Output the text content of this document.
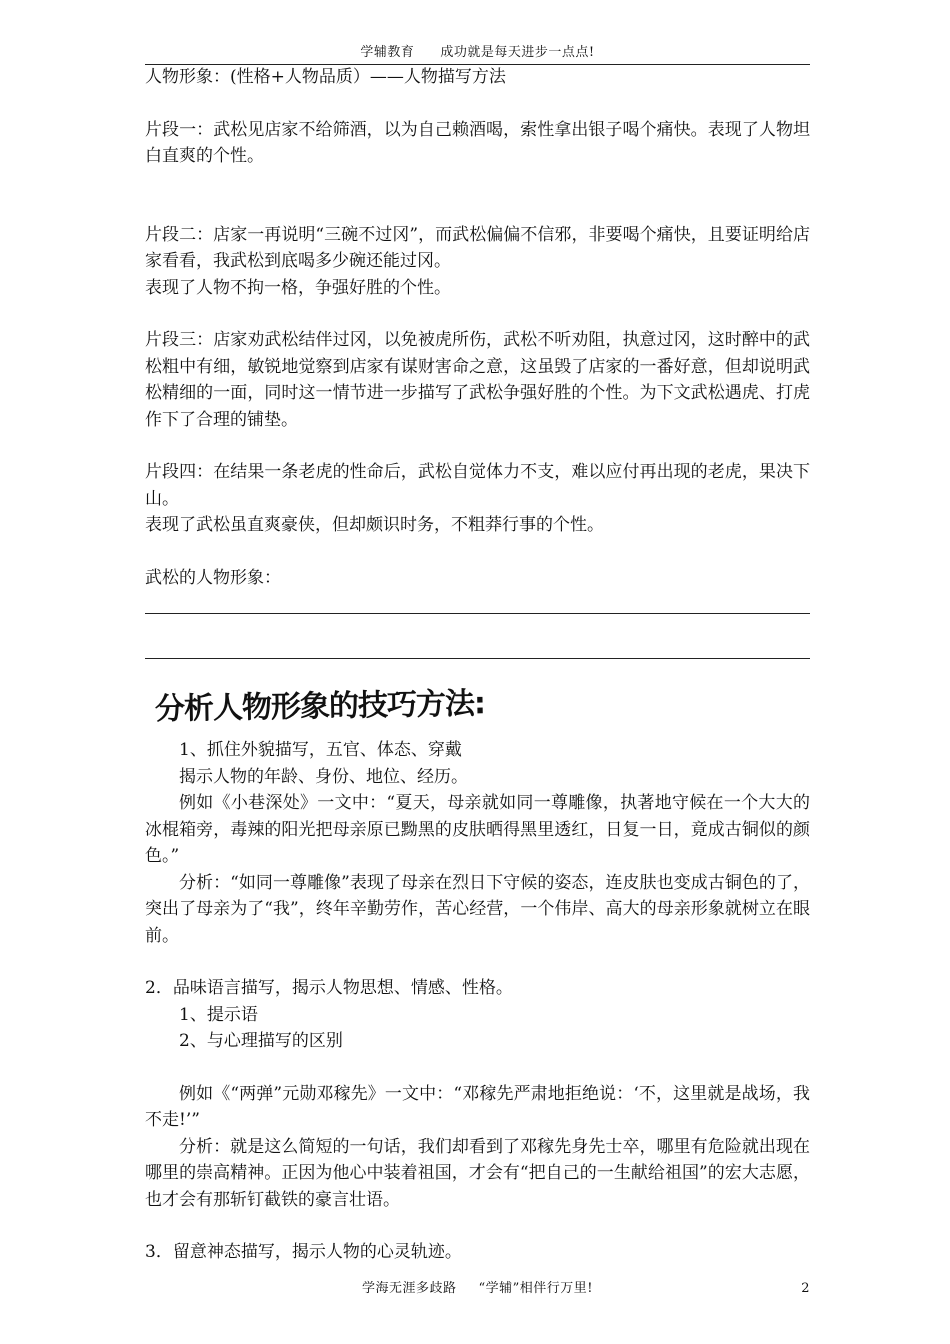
学辅教育 成功就是每天进步一点点!

人物形象：(性格+人物品质）——人物描写方法

片段一：武松见店家不给筛酒，以为自己赖酒喝，索性拿出银子喝个痛快。表现了人物坦白直爽的个性。

片段二：店家一再说明“三碗不过冈”，而武松偏偏不信邪，非要喝个痛快，且要证明给店家看看，我武松到底喝多少碗还能过冈。

表现了人物不拘一格，争强好胜的个性。

片段三：店家劝武松结伴过冈，以免被虎所伤，武松不听劝阻，执意过冈，这时醉中的武松粗中有细，敏锐地觉察到店家有谋财害命之意，这虽毁了店家的一番好意，但却说明武松精细的一面，同时这一情节进一步描写了武松争强好胜的个性。为下文武松遇虎、打虎作下了合理的铺垫。

片段四：在结果一条老虎的性命后，武松自觉体力不支，难以应付再出现的老虎，果决下山。

表现了武松虽直爽豪侠，但却颇识时务，不粗莽行事的个性。

武松的人物形象：

分析人物形象的技巧方法:

1、抓住外貌描写，五官、体态、穿戴

揭示人物的年龄、身份、地位、经历。

例如《小巷深处》一文中：“夏天，母亲就如同一尊雕像，执著地守候在一个大大的冰棍箱旁，毒辣的阳光把母亲原已黝黑的皮肤晒得黑里透红，日复一日，竟成古铜似的颜色。”

分析：“如同一尊雕像”表现了母亲在烈日下守候的姿态，连皮肤也变成古铜色的了，突出了母亲为了“我”，终年辛勤劳作，苦心经营，一个伟岸、高大的母亲形象就树立在眼前。

2．品味语言描写，揭示人物思想、情感、性格。

1、提示语

2、与心理描写的区别

例如《“两弹”元勋邓稼先》一文中：“邓稼先严肃地拒绝说：‘不，这里就是战场，我不走!’”

分析：就是这么简短的一句话，我们却看到了邓稼先身先士卒，哪里有危险就出现在哪里的崇高精神。正因为他心中装着祖国，才会有“把自己的一生献给祖国”的宏大志愿，也才会有那斩钉截铁的豪言壮语。

3．留意神态描写，揭示人物的心灵轨迹。

学海无涯多歧路 “学辅”相伴行万里!	2
